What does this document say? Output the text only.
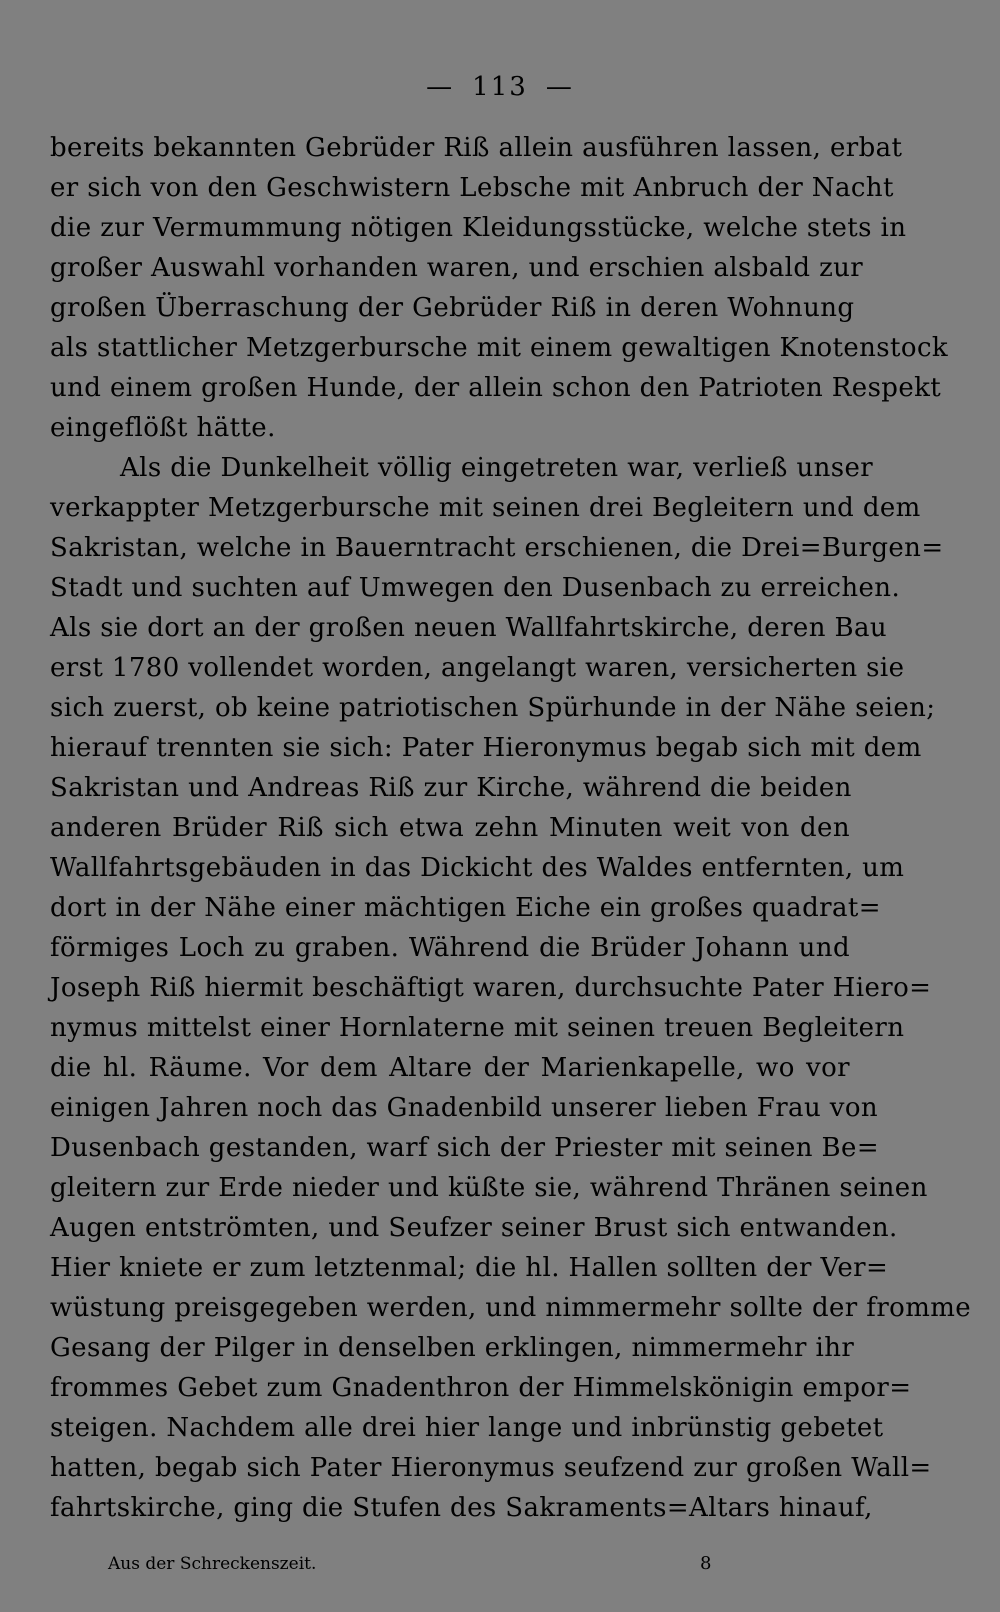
— 113 —
bereits bekannten Gebrüder Riß allein ausführen lassen, erbat
er sich von den Geschwistern Lebsche mit Anbruch der Nacht
die zur Vermummung nötigen Kleidungsstücke, welche stets in
großer Auswahl vorhanden waren, und erschien alsbald zur
großen Überraschung der Gebrüder Riß in deren Wohnung
als stattlicher Metzgerbursche mit einem gewaltigen Knotenstock
und einem großen Hunde, der allein schon den Patrioten Respekt
eingeflößt hätte.
Als die Dunkelheit völlig eingetreten war, verließ unser
verkappter Metzgerbursche mit seinen drei Begleitern und dem
Sakristan, welche in Bauerntracht erschienen, die Drei=Burgen=
Stadt und suchten auf Umwegen den Dusenbach zu erreichen.
Als sie dort an der großen neuen Wallfahrtskirche, deren Bau
erst 1780 vollendet worden, angelangt waren, versicherten sie
sich zuerst, ob keine patriotischen Spürhunde in der Nähe seien;
hierauf trennten sie sich: Pater Hieronymus begab sich mit dem
Sakristan und Andreas Riß zur Kirche, während die beiden
anderen Brüder Riß sich etwa zehn Minuten weit von den
Wallfahrtsgebäuden in das Dickicht des Waldes entfernten, um
dort in der Nähe einer mächtigen Eiche ein großes quadrat=
förmiges Loch zu graben. Während die Brüder Johann und
Joseph Riß hiermit beschäftigt waren, durchsuchte Pater Hiero=
nymus mittelst einer Hornlaterne mit seinen treuen Begleitern
die hl. Räume. Vor dem Altare der Marienkapelle, wo vor
einigen Jahren noch das Gnadenbild unserer lieben Frau von
Dusenbach gestanden, warf sich der Priester mit seinen Be=
gleitern zur Erde nieder und küßte sie, während Thränen seinen
Augen entströmten, und Seufzer seiner Brust sich entwanden.
Hier kniete er zum letztenmal; die hl. Hallen sollten der Ver=
wüstung preisgegeben werden, und nimmermehr sollte der fromme
Gesang der Pilger in denselben erklingen, nimmermehr ihr
frommes Gebet zum Gnadenthron der Himmelskönigin empor=
steigen. Nachdem alle drei hier lange und inbrünstig gebetet
hatten, begab sich Pater Hieronymus seufzend zur großen Wall=
fahrtskirche, ging die Stufen des Sakraments=Altars hinauf,
Aus der Schreckenszeit.	8
